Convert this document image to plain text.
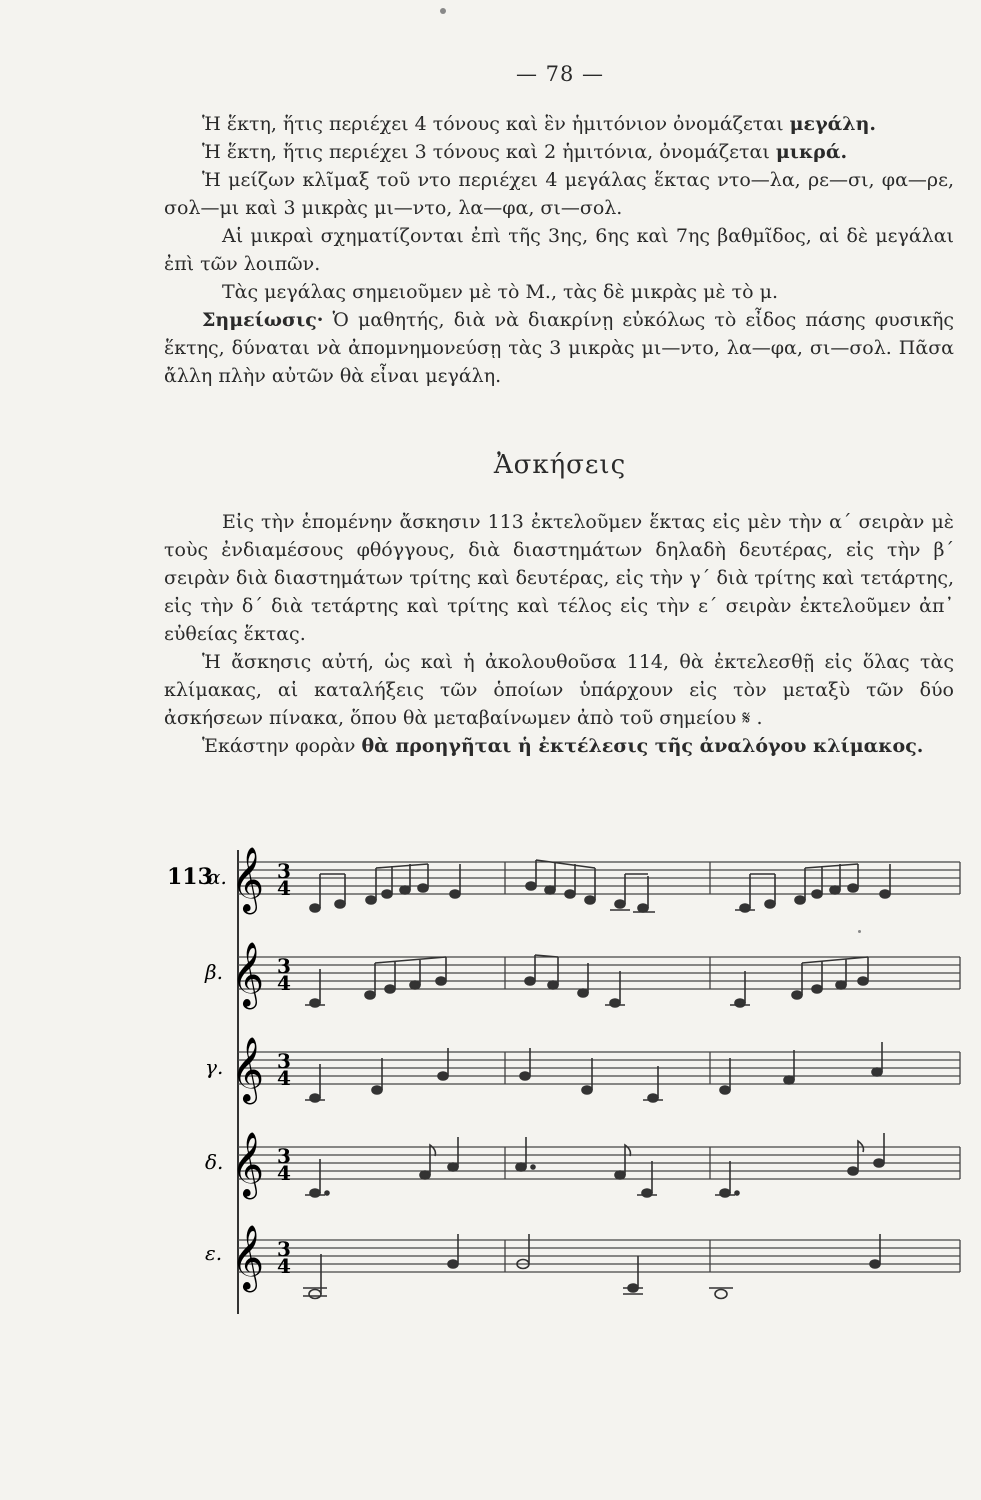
— 78 —

Ἡ ἕκτη, ἥτις περιέχει 4 τόνους καὶ ἓν ἡμιτόνιον ὀνομάζεται μεγάλη.

Ἡ ἕκτη, ἥτις περιέχει 3 τόνους καὶ 2 ἡμιτόνια, ὀνομάζεται μικρά.

Ἡ μείζων κλῖμαξ τοῦ ντο περιέχει 4 μεγάλας ἕκτας ντο—λα, ρε—σι, φα—ρε, σολ—μι καὶ 3 μικρὰς μι—ντο, λα—φα, σι—σολ.

Αἱ μικραὶ σχηματίζονται ἐπὶ τῆς 3ης, 6ης καὶ 7ης βαθμῖδος, αἱ δὲ μεγάλαι ἐπὶ τῶν λοιπῶν.

Τὰς μεγάλας σημειοῦμεν μὲ τὸ Μ., τὰς δὲ μικρὰς μὲ τὸ μ.

Σημείωσις· Ὁ μαθητής, διὰ νὰ διακρίνῃ εὐκόλως τὸ εἶδος πάσης φυσικῆς ἕκτης, δύναται νὰ ἀπομνημονεύσῃ τὰς 3 μικρὰς μι—ντο, λα—φα, σι—σολ. Πᾶσα ἄλλη πλὴν αὐτῶν θὰ εἶναι μεγάλη.

Ἀσκήσεις

Εἰς τὴν ἑπομένην ἄσκησιν 113 ἐκτελοῦμεν ἕκτας εἰς μὲν τὴν α΄ σειρὰν μὲ τοὺς ἐνδιαμέσους φθόγγους, διὰ διαστημάτων δηλαδὴ δευτέρας, εἰς τὴν β΄ σειρὰν διὰ διαστημάτων τρίτης καὶ δευτέρας, εἰς τὴν γ΄ διὰ τρίτης καὶ τετάρτης, εἰς τὴν δ΄ διὰ τετάρτης καὶ τρίτης καὶ τέλος εἰς τὴν ε΄ σειρὰν ἐκτελοῦμεν ἀπ᾽ εὐθείας ἕκτας.

Ἡ ἄσκησις αὐτή, ὡς καὶ ἡ ἀκολουθοῦσα 114, θὰ ἐκτελεσθῇ εἰς ὅλας τὰς κλίμακας, αἱ καταλήξεις τῶν ὁποίων ὑπάρχουν εἰς τὸν μεταξὺ τῶν δύο ἀσκήσεων πίνακα, ὅπου θὰ μεταβαίνωμεν ἀπὸ τοῦ σημείου 𝄋 .

Ἑκάστην φορὰν θὰ προηγῆται ἡ ἐκτέλεσις τῆς ἀναλόγου κλίμακος.

113
α.
β.
γ.
δ.
ε.
𝄞 3
4
𝄞 3
4
𝄞 3
4
𝄞 3
4
𝄞 3
4
